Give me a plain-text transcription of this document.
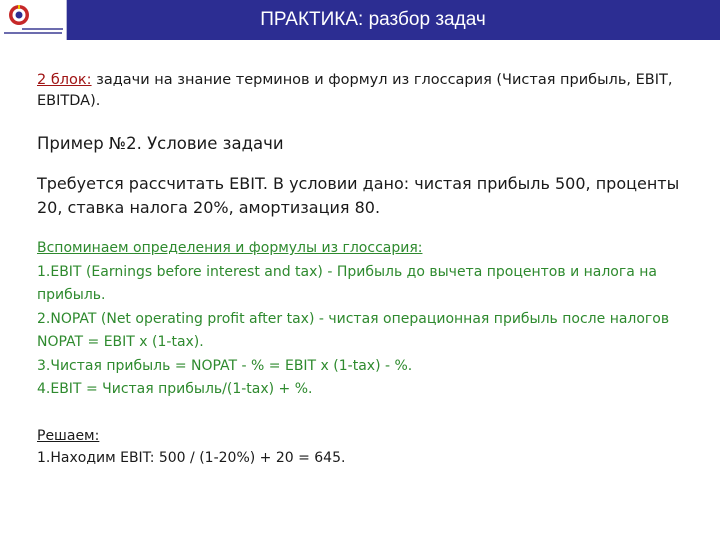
ПРАКТИКА: разбор задач
2 блок: задачи на знание терминов и формул из глоссария (Чистая прибыль, EBIT, EBITDA).
Пример №2. Условие задачи
Требуется рассчитать EBIT. В условии дано: чистая прибыль 500, проценты 20, ставка налога 20%, амортизация 80.
Вспоминаем определения и формулы из глоссария:
1.EBIT (Earnings before interest and tax) - Прибыль до вычета процентов и налога на прибыль.
2.NOPAT (Net operating profit after tax) - чистая операционная прибыль после налогов NOPAT = EBIT x (1-tax).
3.Чистая прибыль = NOPAT - % = EBIT x (1-tax) - %.
4.EBIT = Чистая прибыль/(1-tax) + %.
Решаем:
1.Находим EBIT: 500 / (1-20%) + 20 = 645.
